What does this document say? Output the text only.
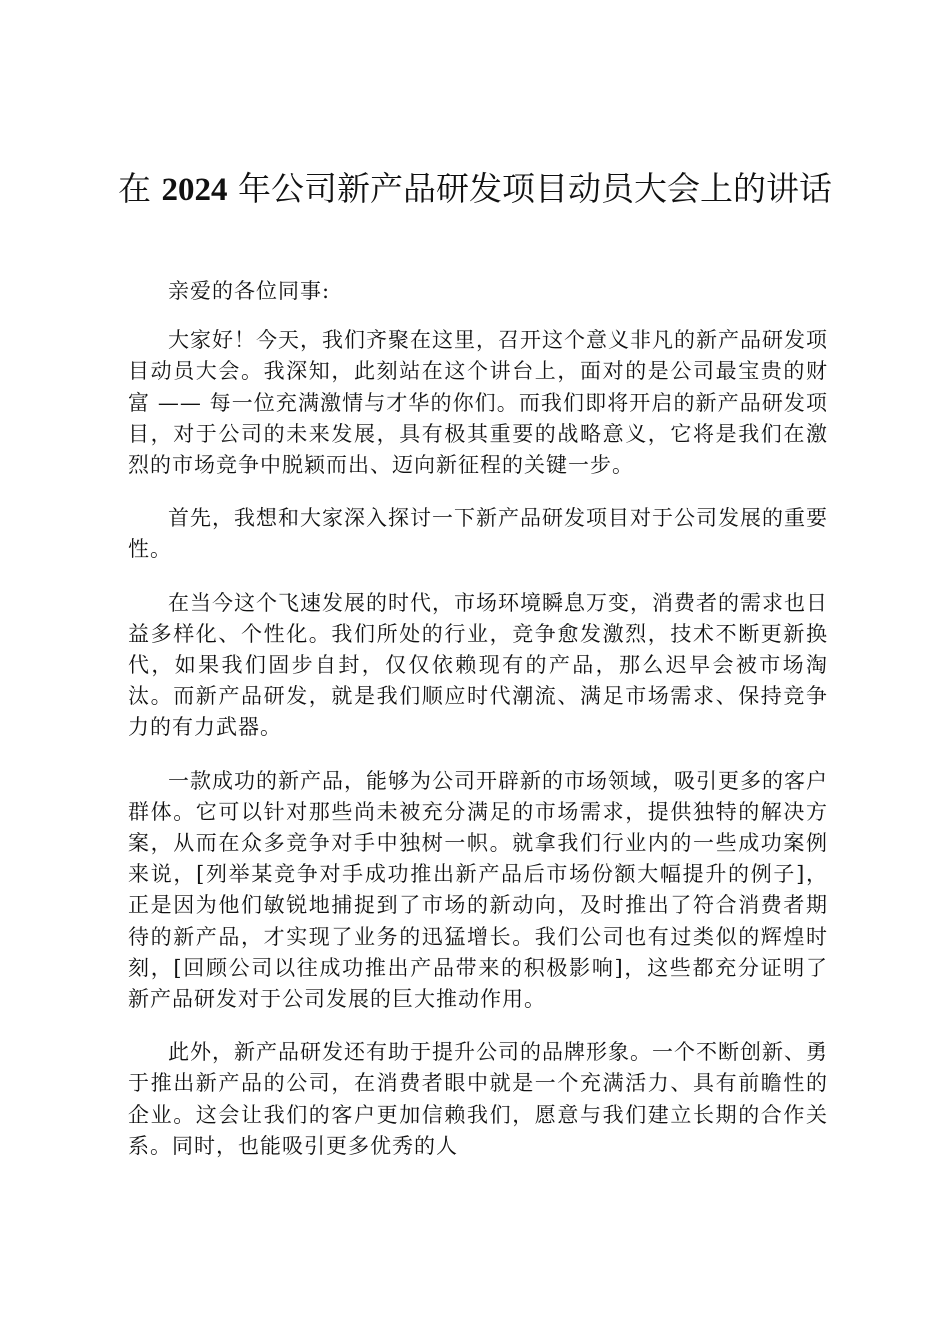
在 2024 年公司新产品研发项目动员大会上的讲话

亲爱的各位同事:

大家好！今天，我们齐聚在这里，召开这个意义非凡的新产品研发项目动员大会。我深知，此刻站在这个讲台上，面对的是公司最宝贵的财富 —— 每一位充满激情与才华的你们。而我们即将开启的新产品研发项目，对于公司的未来发展，具有极其重要的战略意义，它将是我们在激烈的市场竞争中脱颖而出、迈向新征程的关键一步。

首先，我想和大家深入探讨一下新产品研发项目对于公司发展的重要性。

在当今这个飞速发展的时代，市场环境瞬息万变，消费者的需求也日益多样化、个性化。我们所处的行业，竞争愈发激烈，技术不断更新换代，如果我们固步自封，仅仅依赖现有的产品，那么迟早会被市场淘汰。而新产品研发，就是我们顺应时代潮流、满足市场需求、保持竞争力的有力武器。

一款成功的新产品，能够为公司开辟新的市场领域，吸引更多的客户群体。它可以针对那些尚未被充分满足的市场需求，提供独特的解决方案，从而在众多竞争对手中独树一帜。就拿我们行业内的一些成功案例来说，[列举某竞争对手成功推出新产品后市场份额大幅提升的例子]，正是因为他们敏锐地捕捉到了市场的新动向，及时推出了符合消费者期待的新产品，才实现了业务的迅猛增长。我们公司也有过类似的辉煌时刻，[回顾公司以往成功推出产品带来的积极影响]，这些都充分证明了新产品研发对于公司发展的巨大推动作用。

此外，新产品研发还有助于提升公司的品牌形象。一个不断创新、勇于推出新产品的公司，在消费者眼中就是一个充满活力、具有前瞻性的企业。这会让我们的客户更加信赖我们，愿意与我们建立长期的合作关系。同时，也能吸引更多优秀的人
